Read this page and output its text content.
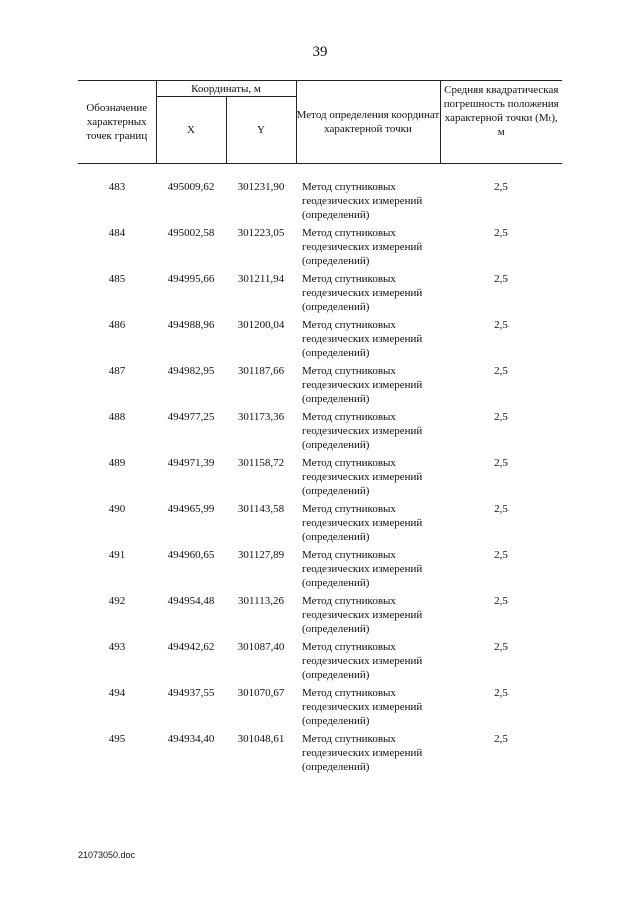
39
Обозначение характерных точек границ	Координаты, м		Метод определения координат характерной точки	Средняя квадратическая погрешность положения характерной точки (Mₜ), м
	X	Y		

483	495009,62	301231,90	Метод спутниковых геодезических измерений (определений)	2,5
484	495002,58	301223,05	Метод спутниковых геодезических измерений (определений)	2,5
485	494995,66	301211,94	Метод спутниковых геодезических измерений (определений)	2,5
486	494988,96	301200,04	Метод спутниковых геодезических измерений (определений)	2,5
487	494982,95	301187,66	Метод спутниковых геодезических измерений (определений)	2,5
488	494977,25	301173,36	Метод спутниковых геодезических измерений (определений)	2,5
489	494971,39	301158,72	Метод спутниковых геодезических измерений (определений)	2,5
490	494965,99	301143,58	Метод спутниковых геодезических измерений (определений)	2,5
491	494960,65	301127,89	Метод спутниковых геодезических измерений (определений)	2,5
492	494954,48	301113,26	Метод спутниковых геодезических измерений (определений)	2,5
493	494942,62	301087,40	Метод спутниковых геодезических измерений (определений)	2,5
494	494937,55	301070,67	Метод спутниковых геодезических измерений (определений)	2,5
495	494934,40	301048,61	Метод спутниковых геодезических измерений (определений)	2,5
21073050.doc
